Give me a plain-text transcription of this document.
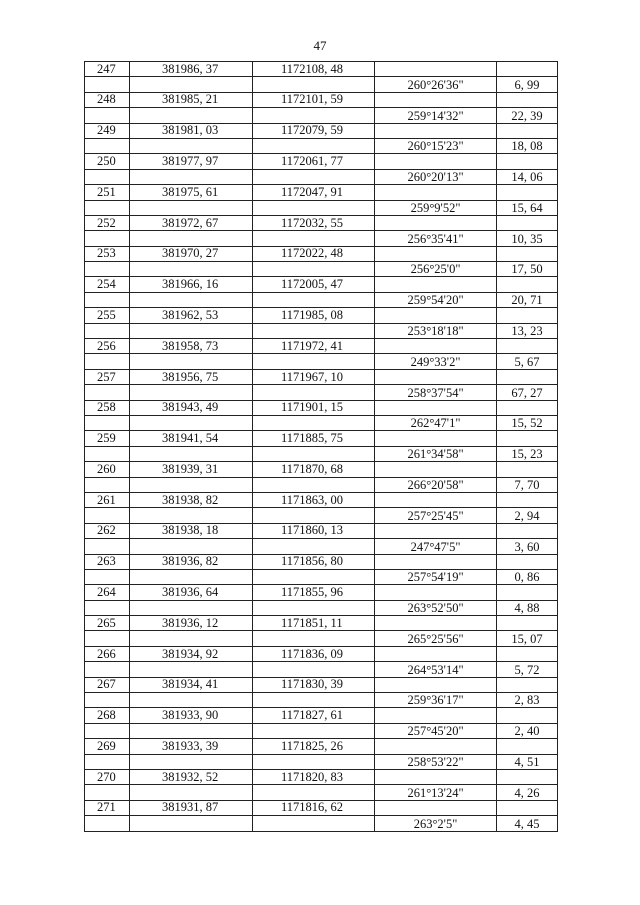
47
247	381986, 37	1172108, 48		
			260°26'36"	6, 99
248	381985, 21	1172101, 59		
			259°14'32"	22, 39
249	381981, 03	1172079, 59		
			260°15'23"	18, 08
250	381977, 97	1172061, 77		
			260°20'13"	14, 06
251	381975, 61	1172047, 91		
			259°9'52"	15, 64
252	381972, 67	1172032, 55		
			256°35'41"	10, 35
253	381970, 27	1172022, 48		
			256°25'0"	17, 50
254	381966, 16	1172005, 47		
			259°54'20"	20, 71
255	381962, 53	1171985, 08		
			253°18'18"	13, 23
256	381958, 73	1171972, 41		
			249°33'2"	5, 67
257	381956, 75	1171967, 10		
			258°37'54"	67, 27
258	381943, 49	1171901, 15		
			262°47'1"	15, 52
259	381941, 54	1171885, 75		
			261°34'58"	15, 23
260	381939, 31	1171870, 68		
			266°20'58"	7, 70
261	381938, 82	1171863, 00		
			257°25'45"	2, 94
262	381938, 18	1171860, 13		
			247°47'5"	3, 60
263	381936, 82	1171856, 80		
			257°54'19"	0, 86
264	381936, 64	1171855, 96		
			263°52'50"	4, 88
265	381936, 12	1171851, 11		
			265°25'56"	15, 07
266	381934, 92	1171836, 09		
			264°53'14"	5, 72
267	381934, 41	1171830, 39		
			259°36'17"	2, 83
268	381933, 90	1171827, 61		
			257°45'20"	2, 40
269	381933, 39	1171825, 26		
			258°53'22"	4, 51
270	381932, 52	1171820, 83		
			261°13'24"	4, 26
271	381931, 87	1171816, 62		
			263°2'5"	4, 45
